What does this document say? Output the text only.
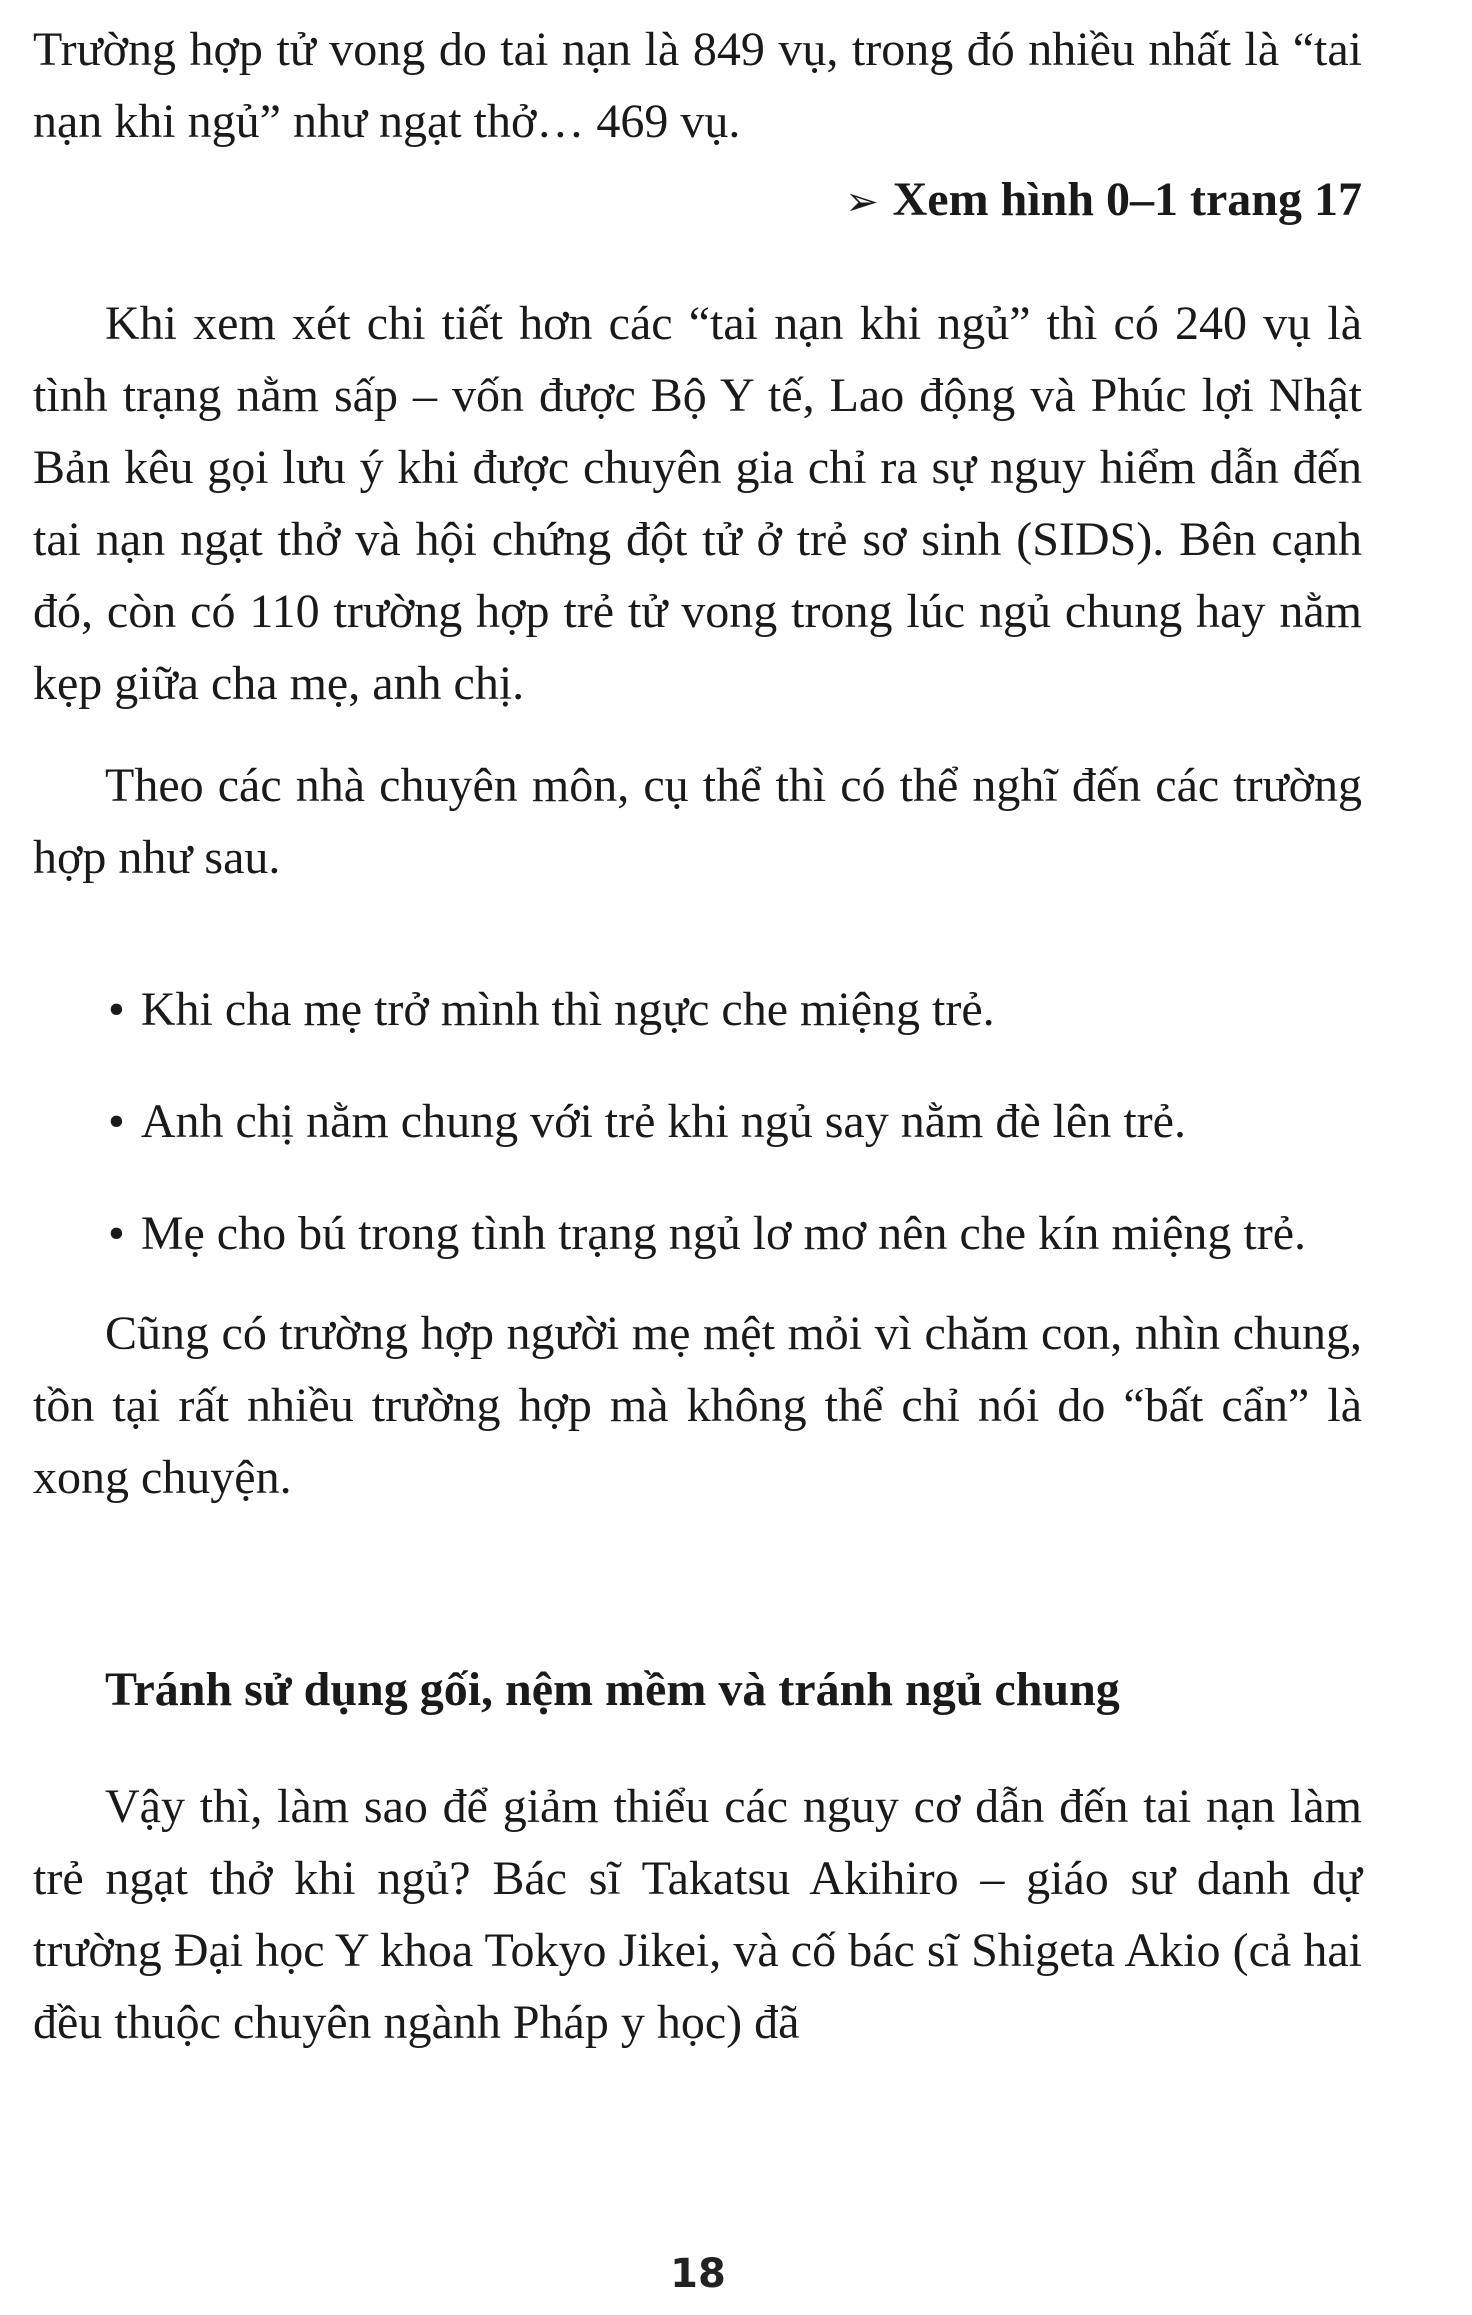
Trường hợp tử vong do tai nạn là 849 vụ, trong đó nhiều nhất là “tai nạn khi ngủ” như ngạt thở… 469 vụ.

➢ Xem hình 0–1 trang 17

Khi xem xét chi tiết hơn các “tai nạn khi ngủ” thì có 240 vụ là tình trạng nằm sấp – vốn được Bộ Y tế, Lao động và Phúc lợi Nhật Bản kêu gọi lưu ý khi được chuyên gia chỉ ra sự nguy hiểm dẫn đến tai nạn ngạt thở và hội chứng đột tử ở trẻ sơ sinh (SIDS). Bên cạnh đó, còn có 110 trường hợp trẻ tử vong trong lúc ngủ chung hay nằm kẹp giữa cha mẹ, anh chị.

Theo các nhà chuyên môn, cụ thể thì có thể nghĩ đến các trường hợp như sau.

• Khi cha mẹ trở mình thì ngực che miệng trẻ.

• Anh chị nằm chung với trẻ khi ngủ say nằm đè lên trẻ.

• Mẹ cho bú trong tình trạng ngủ lơ mơ nên che kín miệng trẻ.

Cũng có trường hợp người mẹ mệt mỏi vì chăm con, nhìn chung, tồn tại rất nhiều trường hợp mà không thể chỉ nói do “bất cẩn” là xong chuyện.

Tránh sử dụng gối, nệm mềm và tránh ngủ chung

Vậy thì, làm sao để giảm thiểu các nguy cơ dẫn đến tai nạn làm trẻ ngạt thở khi ngủ? Bác sĩ Takatsu Akihiro – giáo sư danh dự trường Đại học Y khoa Tokyo Jikei, và cố bác sĩ Shigeta Akio (cả hai đều thuộc chuyên ngành Pháp y học) đã

18
